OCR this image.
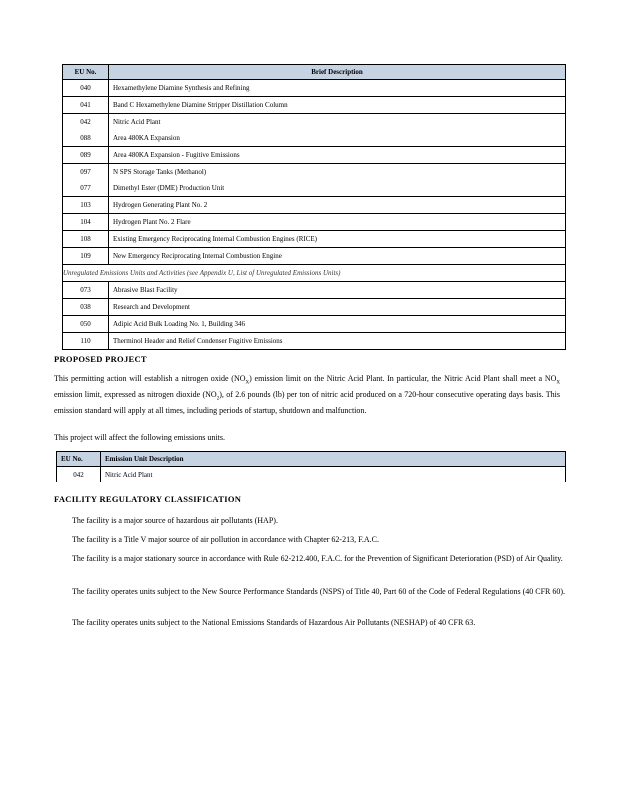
EU No.	Brief Description
040	Hexamethylene Diamine Synthesis and Refining
041	Band C Hexamethylene Diamine Stripper Distillation Column
042	Nitric Acid Plant
088	Area 480KA Expansion
089	Area 480KA Expansion - Fugitive Emissions
097	N SPS Storage Tanks (Methanol)
077	Dimethyl Ester (DME) Production Unit
103	Hydrogen Generating Plant No. 2
104	Hydrogen Plant No. 2 Flare
108	Existing Emergency Reciprocating Internal Combustion Engines (RICE)
109	New Emergency Reciprocating Internal Combustion Engine
Unregulated Emissions Units and Activities (see Appendix U, List of Unregulated Emissions Units)	
073	Abrasive Blast Facility
038	Research and Development
050	Adipic Acid Bulk Loading No. 1, Building 346
110	Therminol Header and Relief Condenser Fugitive Emissions
PROPOSED PROJECT
This permitting action will establish a nitrogen oxide $(NO_X)$ emission limit on the Nitric Acid Plant. In particular, the Nitric Acid Plant shall meet a $NO_X$ emission limit, expressed as nitrogen dioxide $(NO_2)$, of 2.6 pounds (lb) per ton of nitric acid produced on a 720-hour consecutive operating days basis. This emission standard will apply at all times, including periods of startup, shutdown and malfunction.
This project will affect the following emissions units.
EU No.	Emission Unit Description
042	Nitric Acid Plant
FACILITY REGULATORY CLASSIFICATION
The facility is a major source of hazardous air pollutants (HAP).
The facility is a Title V major source of air pollution in accordance with Chapter 62-213, F.A.C.
The facility is a major stationary source in accordance with Rule 62-212.400, F.A.C. for the Prevention of Significant Deterioration (PSD) of Air Quality.
The facility operates units subject to the New Source Performance Standards (NSPS) of Title 40, Part 60 of the Code of Federal Regulations (40 CFR 60).
The facility operates units subject to the National Emissions Standards of Hazardous Air Pollutants (NESHAP) of 40 CFR 63.
